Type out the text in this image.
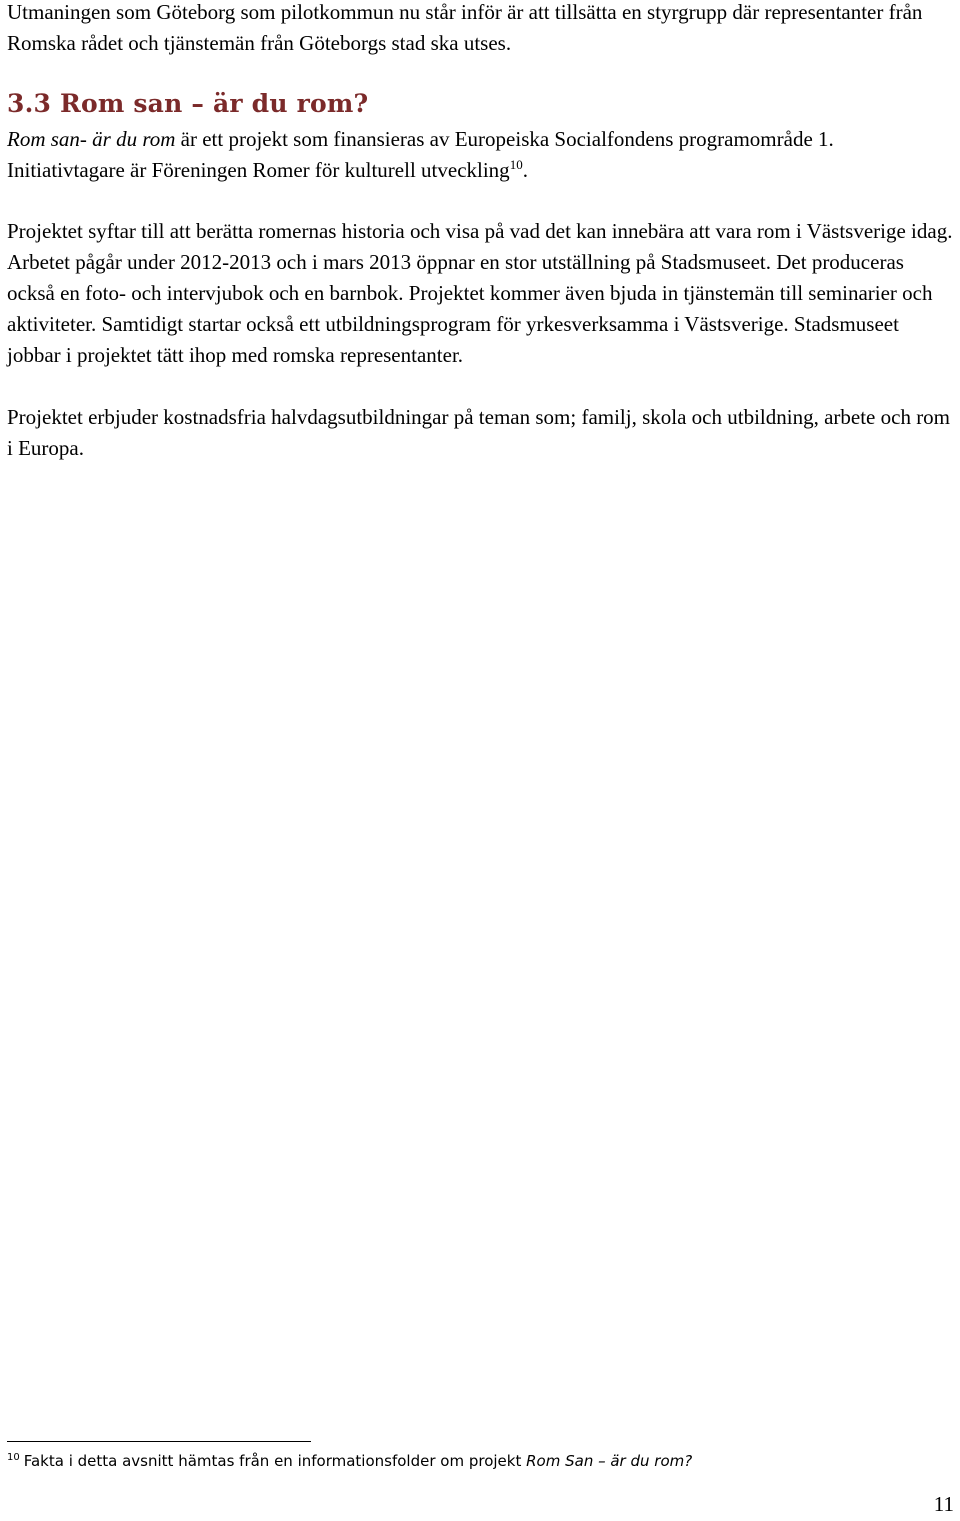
Utmaningen som Göteborg som pilotkommun nu står inför är att tillsätta en styrgrupp där representanter från Romska rådet och tjänstemän från Göteborgs stad ska utses.

3.3 Rom san – är du rom?

Rom san- är du rom är ett projekt som finansieras av Europeiska Socialfondens programområde 1. Initiativtagare är Föreningen Romer för kulturell utveckling$^{10}$.

Projektet syftar till att berätta romernas historia och visa på vad det kan innebära att vara rom i Västsverige idag. Arbetet pågår under 2012-2013 och i mars 2013 öppnar en stor utställning på Stadsmuseet. Det produceras också en foto- och intervjubok och en barnbok. Projektet kommer även bjuda in tjänstemän till seminarier och aktiviteter. Samtidigt startar också ett utbildningsprogram för yrkesverksamma i Västsverige. Stadsmuseet jobbar i projektet tätt ihop med romska representanter.

Projektet erbjuder kostnadsfria halvdagsutbildningar på teman som; familj, skola och utbildning, arbete och rom i Europa.

$^{10}$ Fakta i detta avsnitt hämtas från en informationsfolder om projekt Rom San – är du rom?

11
